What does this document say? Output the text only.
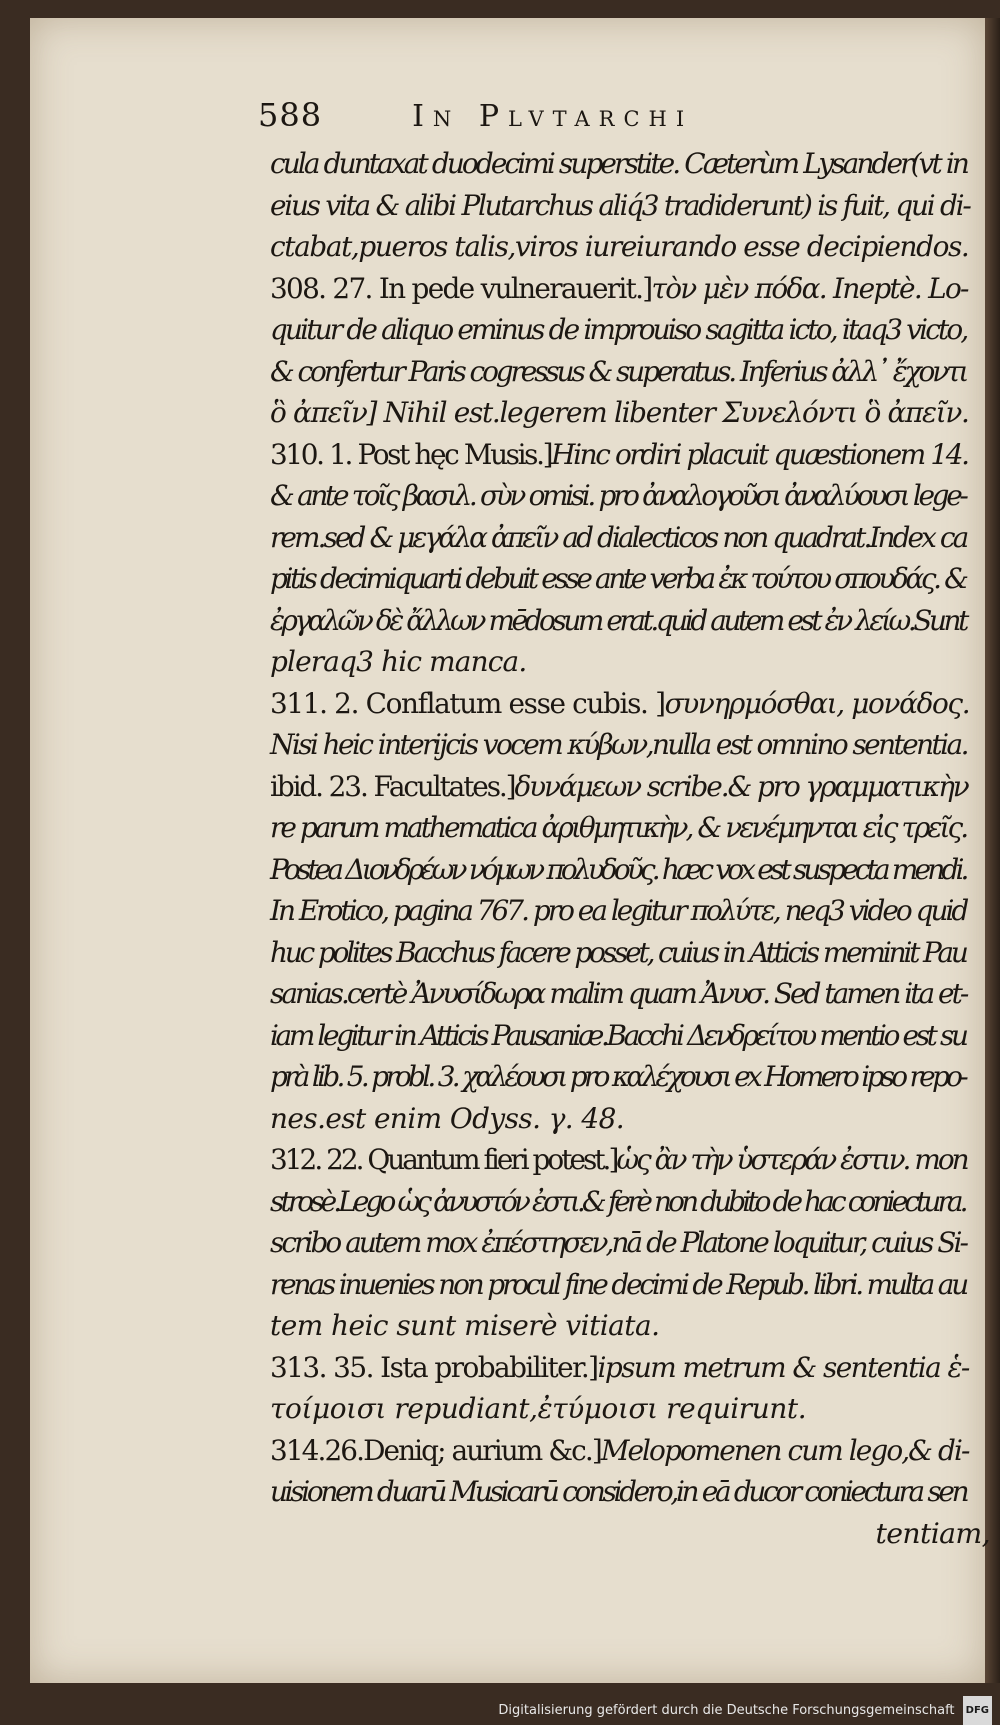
588	In Plvtarchi
cula duntaxat duodecimi superstite. Cæterùm Lysander(vt in
eius vita & alibi Plutarchus aliq́3 tradiderunt) is fuit, qui di-
ctabat,pueros talis,viros iureiurando esse decipiendos.
308. 27. In pede vulnerauerit.]τὸν μὲν πόδα. Ineptè. Lo-
quitur de aliquo eminus de improuiso sagitta icto, itaq3 victo,
& confertur Paris cogressus & superatus. Inferius ἀλλ᾽ ἔχοντι
ὃ ἀπεῖν] Nihil est.legerem libenter Συνελόντι ὃ ἀπεῖν.
310. 1. Post hęc Musis.]Hinc ordiri placuit quæstionem 14.
& ante τοῖς βασιλ. σὺν omisi. pro ἀναλογοῦσι ἀναλύουσι lege-
rem.sed & μεγάλα ἀπεῖν ad dialecticos non quadrat.Index ca
pitis decimiquarti debuit esse ante verba ἐκ τούτου σπουδάς. &
ἐργαλῶν δὲ ἄλλων mēdosum erat.quid autem est ἐν λείω.Sunt
pleraq3 hic manca.
311. 2. Conflatum esse cubis. ]συνηρμόσθαι, μονάδος.
Nisi heic interijcis vocem κύβων,nulla est omnino sententia.
ibid. 23. Facultates.]δυνάμεων scribe.& pro γραμματικὴν
re parum mathematica ἀριθμητικὴν, & νενέμηνται εἰς τρεῖς.
Postea Διονδρέων νόμων πολυδοῦς. hæc vox est suspecta mendi.
In Erotico, pagina 767. pro ea legitur πολύτε, neq3 video quid
huc polites Bacchus facere posset, cuius in Atticis meminit Pau
sanias.certè Ἀνυσίδωρα malim quam Ἀνυσ. Sed tamen ita et-
iam legitur in Atticis Pausaniæ.Bacchi Δενδρείτου mentio est su
prà lib. 5. probl. 3. χαλέουσι pro καλέχουσι ex Homero ipso repo-
nes.est enim Odyss. γ. 48.
312. 22. Quantum fieri potest.]ὡς ἂν τὴν ὑστεράν ἐστιν. mon
strosè.Lego ὡς ἀνυστόν ἐστι.& ferè non dubito de hac coniectura.
scribo autem mox ἐπέστησεν,nā de Platone loquitur, cuius Si-
renas inuenies non procul fine decimi de Repub. libri. multa au
tem heic sunt miserè vitiata.
313. 35. Ista probabiliter.]ipsum metrum & sententia ἑ-
τοίμοισι repudiant,ἐτύμοισι requirunt.
314.26.Deniq; aurium &c.]Melopomenen cum lego,& di-
uisionem duarū Musicarū considero,in eā ducor coniectura sen
tentiam,
Digitalisierung gefördert durch die Deutsche Forschungsgemeinschaft DFG
